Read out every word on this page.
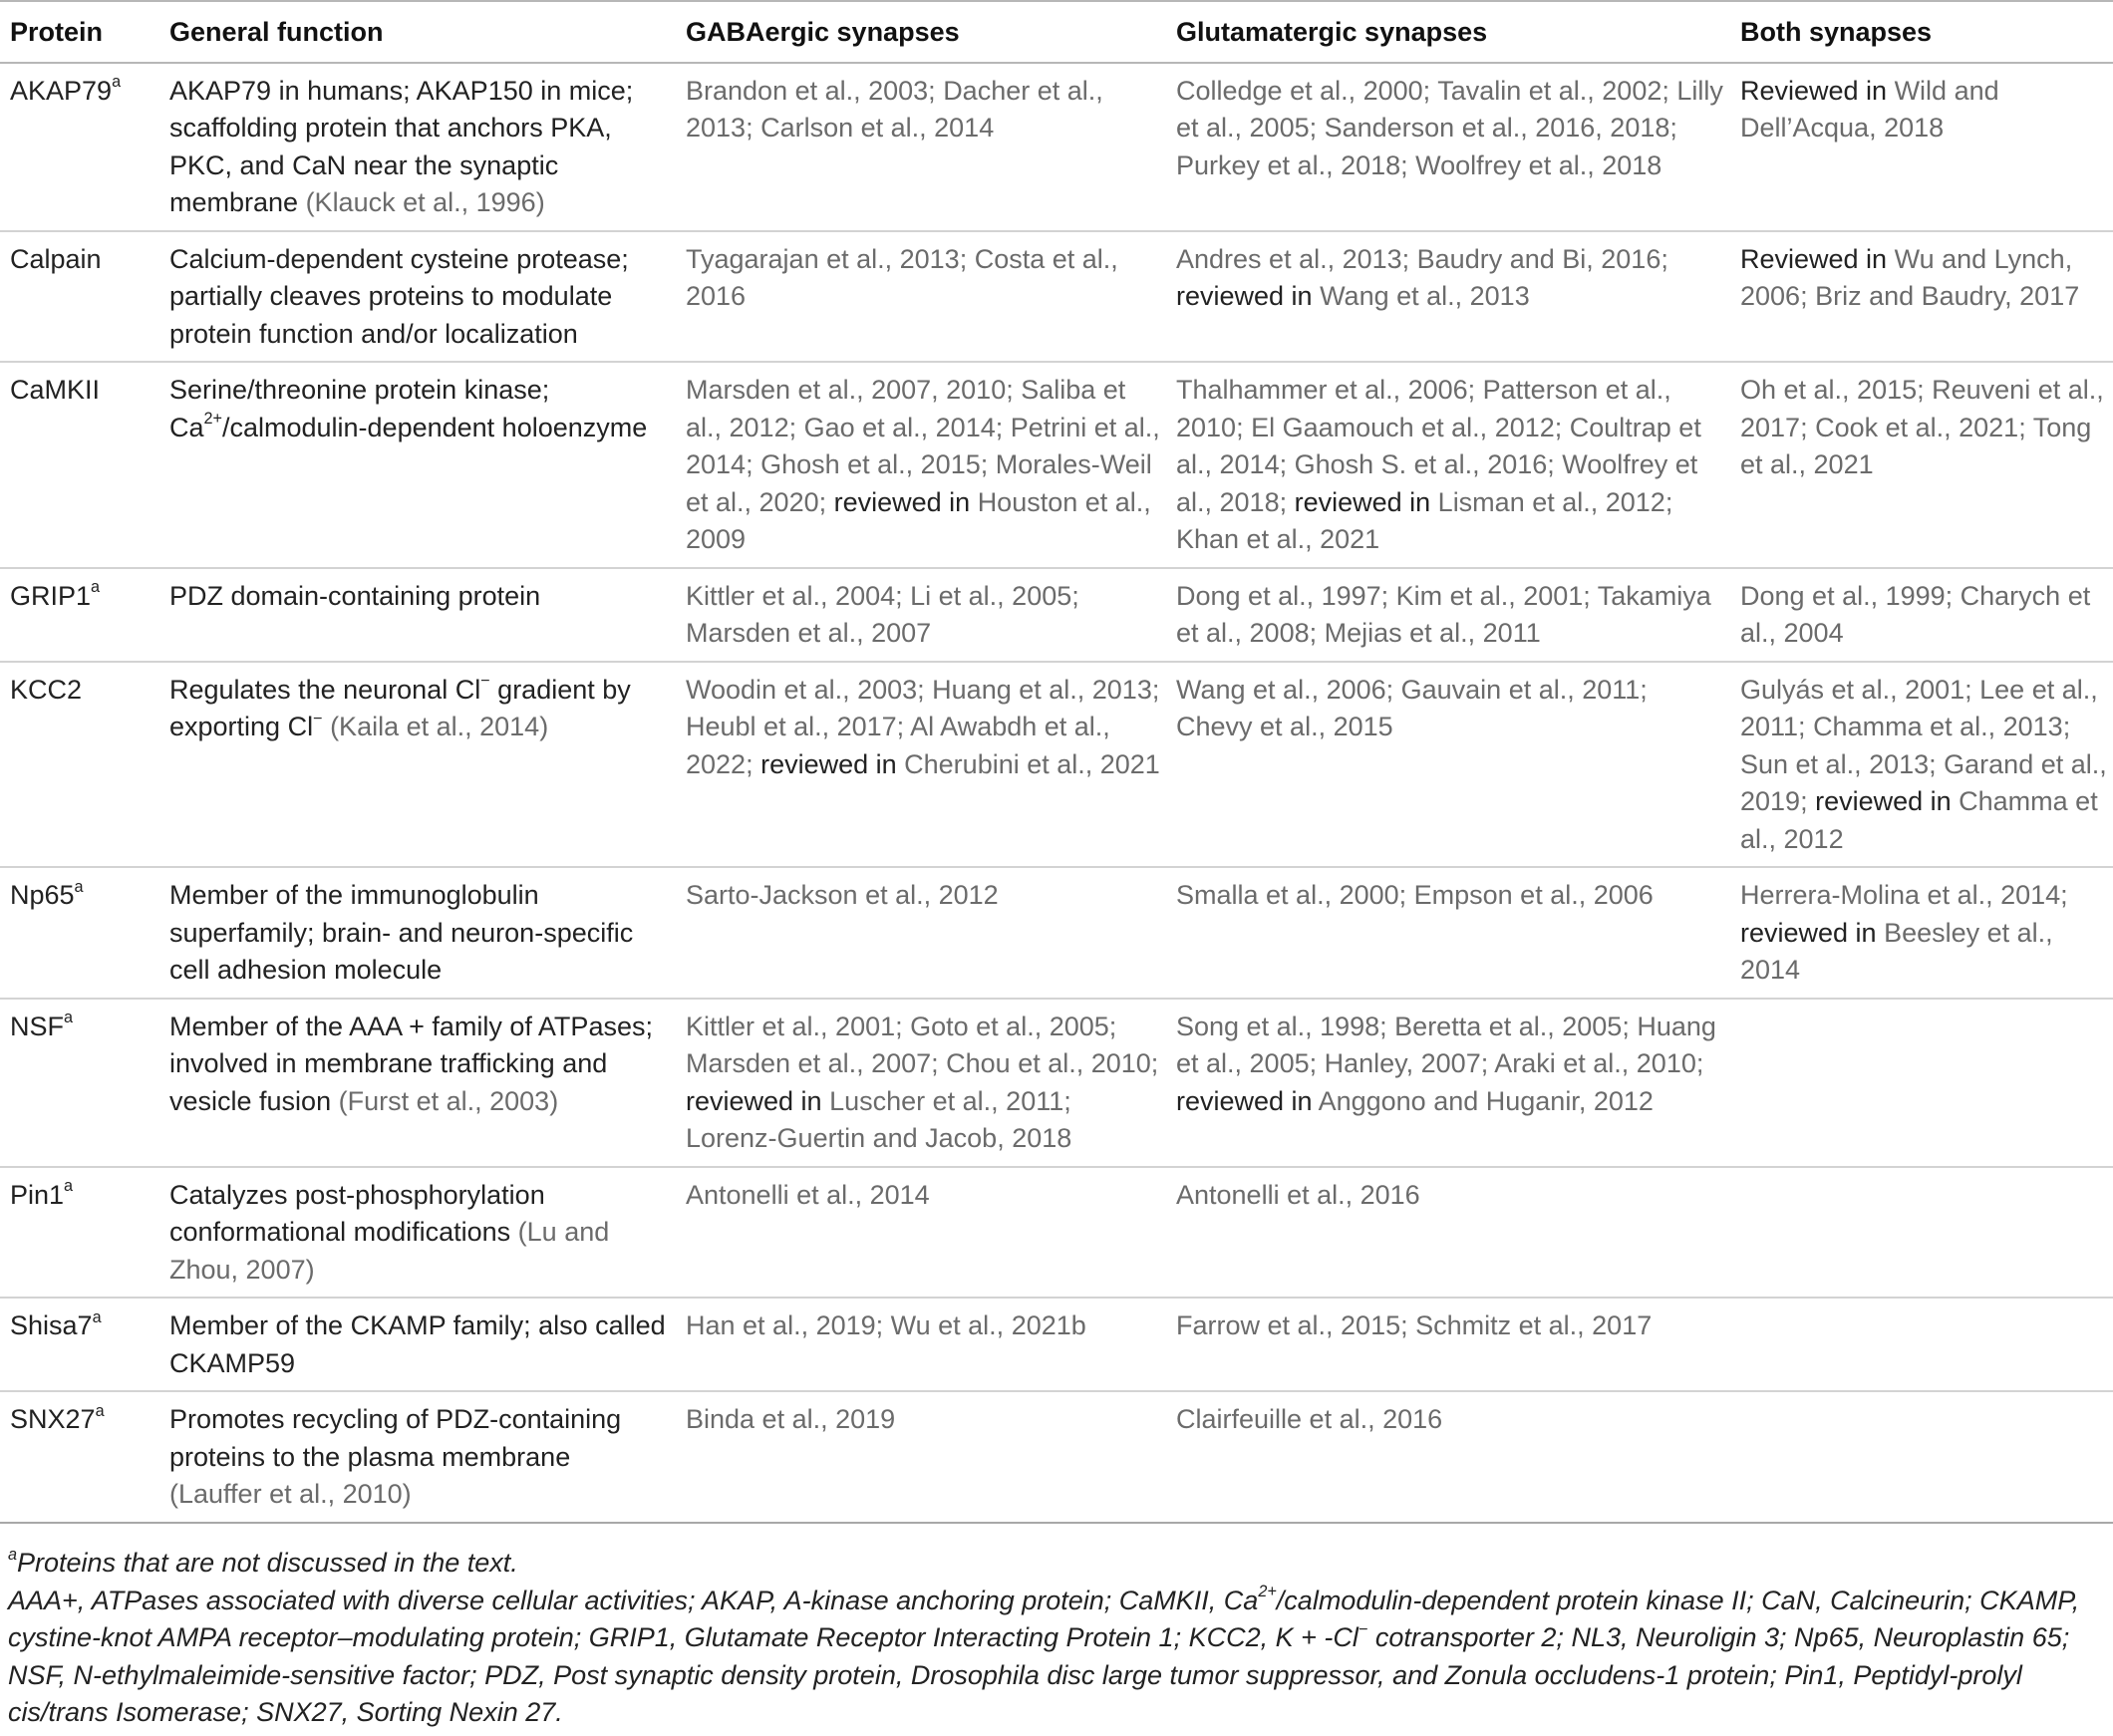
Protein	General function	GABAergic synapses	Glutamatergic synapses	Both synapses
AKAP79$^a$	AKAP79 in humans; AKAP150 in mice; scaffolding protein that anchors PKA, PKC, and CaN near the synaptic membrane (Klauck et al., 1996)	Brandon et al., 2003; Dacher et al., 2013; Carlson et al., 2014	Colledge et al., 2000; Tavalin et al., 2002; Lilly et al., 2005; Sanderson et al., 2016, 2018; Purkey et al., 2018; Woolfrey et al., 2018	Reviewed in Wild and Dell’Acqua, 2018
Calpain	Calcium-dependent cysteine protease; partially cleaves proteins to modulate protein function and/or localization	Tyagarajan et al., 2013; Costa et al., 2016	Andres et al., 2013; Baudry and Bi, 2016; reviewed in Wang et al., 2013	Reviewed in Wu and Lynch, 2006; Briz and Baudry, 2017
CaMKII	Serine/threonine protein kinase; $Ca^{2+}/calmodulin$-dependent holoenzyme	Marsden et al., 2007, 2010; Saliba et al., 2012; Gao et al., 2014; Petrini et al., 2014; Ghosh et al., 2015; Morales-Weil et al., 2020; reviewed in Houston et al., 2009	Thalhammer et al., 2006; Patterson et al., 2010; El Gaamouch et al., 2012; Coultrap et al., 2014; Ghosh S. et al., 2016; Woolfrey et al., 2018; reviewed in Lisman et al., 2012; Khan et al., 2021	Oh et al., 2015; Reuveni et al., 2017; Cook et al., 2021; Tong et al., 2021
GRIP1$^a$	PDZ domain-containing protein	Kittler et al., 2004; Li et al., 2005; Marsden et al., 2007	Dong et al., 1997; Kim et al., 2001; Takamiya et al., 2008; Mejias et al., 2011	Dong et al., 1999; Charych et al., 2004
KCC2	Regulates the neuronal Cl− gradient by exporting Cl− (Kaila et al., 2014)	Woodin et al., 2003; Huang et al., 2013; Heubl et al., 2017; Al Awabdh et al., 2022; reviewed in Cherubini et al., 2021	Wang et al., 2006; Gauvain et al., 2011; Chevy et al., 2015	Gulyás et al., 2001; Lee et al., 2011; Chamma et al., 2013; Sun et al., 2013; Garand et al., 2019; reviewed in Chamma et al., 2012
Np65$^a$	Member of the immunoglobulin superfamily; brain- and neuron-specific cell adhesion molecule	Sarto-Jackson et al., 2012	Smalla et al., 2000; Empson et al., 2006	Herrera-Molina et al., 2014; reviewed in Beesley et al., 2014
NSF$^a$	Member of the AAA + family of ATPases; involved in membrane trafficking and vesicle fusion (Furst et al., 2003)	Kittler et al., 2001; Goto et al., 2005; Marsden et al., 2007; Chou et al., 2010; reviewed in Luscher et al., 2011; Lorenz-Guertin and Jacob, 2018	Song et al., 1998; Beretta et al., 2005; Huang et al., 2005; Hanley, 2007; Araki et al., 2010; reviewed in Anggono and Huganir, 2012	
Pin1$^a$	Catalyzes post-phosphorylation conformational modifications (Lu and Zhou, 2007)	Antonelli et al., 2014	Antonelli et al., 2016	
Shisa7$^a$	Member of the CKAMP family; also called CKAMP59	Han et al., 2019; Wu et al., 2021b	Farrow et al., 2015; Schmitz et al., 2017	
SNX27$^a$	Promotes recycling of PDZ-containing proteins to the plasma membrane (Lauffer et al., 2010)	Binda et al., 2019	Clairfeuille et al., 2016	

$^a$Proteins that are not discussed in the text.

AAA+, ATPases associated with diverse cellular activities; AKAP, A-kinase anchoring protein; CaMKII, $Ca^{2+}/calmodulin$-dependent protein kinase II; CaN, Calcineurin; CKAMP, cystine-knot AMPA receptor–modulating protein; GRIP1, Glutamate Receptor Interacting Protein 1; KCC2, K + -Cl− cotransporter 2; NL3, Neuroligin 3; Np65, Neuroplastin 65; NSF, N-ethylmaleimide-sensitive factor; PDZ, Post synaptic density protein, Drosophila disc large tumor suppressor, and Zonula occludens-1 protein; Pin1, Peptidyl-prolyl cis/trans Isomerase; SNX27, Sorting Nexin 27.
